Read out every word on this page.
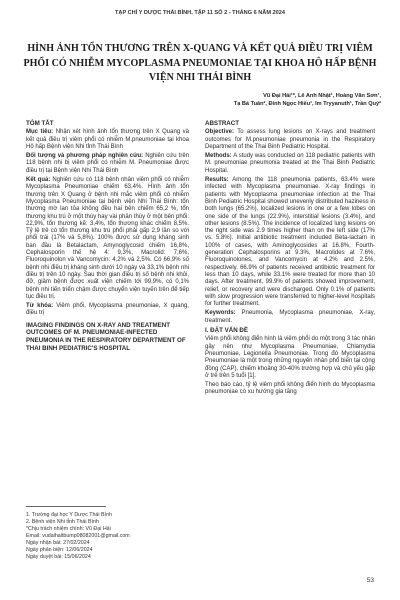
TẠP CHÍ Y DƯỢC THÁI BÌNH, TẬP 11 SỐ 2 - THÁNG 6 NĂM 2024
HÌNH ẢNH TỔN THƯƠNG TRÊN X-QUANG VÀ KẾT QUẢ ĐIỀU TRỊ VIÊM PHỔI CÓ NHIỄM MYCOPLASMA PNEUMONIAE TẠI KHOA HÔ HẤP BỆNH VIỆN NHI THÁI BÌNH
Vũ Đại Hải¹*, Lê Anh Nhật¹, Hoàng Văn Sơn¹,
Tạ Bá Tuân², Đinh Ngọc Hiếu¹, Im Tryyanuth¹, Trần Quý²
TÓM TẮT

Mục tiêu: Nhận xét hình ảnh tổn thương trên X Quang và kết quả điều trị viêm phổi có nhiễm M.pneumoniae tại khoa Hô hấp Bệnh viện Nhi tỉnh Thái Bình

Đối tượng và phương pháp nghiên cứu: Nghiên cứu trên 118 bệnh nhi bị viêm phổi có nhiễm M. Pneumoniae được điều trị tại Bệnh viện Nhi Thái Bình

Kết quả: Nghiên cứu có 118 bệnh nhân viêm phổi có nhiễm Mycoplasma Pneumoniae chiếm 63,4%. Hình ảnh tổn thương trên X Quang ở bệnh nhi mắc viêm phổi có nhiễm Mycoplasma Pneumoniae tại bệnh viện Nhi Thái Bình: tổn thương mờ lan tỏa không đều hai bên chiếm 65,2 %, tổn thương khu trú ở một thùy hay vài phân thùy ở một bên phổi: 22,9%, tổn thương kẽ: 3,4%, tổn thương khác chiếm 8,5%. Tỷ lệ trẻ có tổn thương khu trú phổi phải gấp 2,9 lần so với phổi trái (17% và 5,8%). 100% được sử dụng kháng sinh ban đầu là Betalactam, Amynoglycosid chiếm 16,8%, Cephalosporin thế hệ 4: 9,3%, Macrolid: 7,6%, Fluoroquinolon và Vancomycin: 4,2% và 2,5%. Có 66,9% số bệnh nhi điều trị kháng sinh dưới 10 ngày và 33,1% bệnh nhi điều trị trên 10 ngày. Sau thời gian điều trị số bệnh nhi khỏi, đỡ, giảm bệnh được xuất viện chiếm tới 99,9%, có 0,1% bệnh nhi tiến triển chậm được chuyển viện tuyến trên để tiếp tục điều trị.

Từ khóa: Viêm phổi, Mycoplasma pneumoniae, X quang, điều trị

IMAGING FINDINGS ON X-RAY AND TREATMENT OUTCOMES OF M. PNEUMONIAE-INFECTED PNEUMONIA IN THE RESPIRATORY DEPARTMENT OF THAI BINH PEDIATRIC'S HOSPITAL
1. Trường đại học Y Dược Thái Bình
2. Bệnh viện Nhi tỉnh Thái Bình
*Chịu trách nhiệm chính: Vũ Đại Hải
Email: vudaihaitbump08082001@gmail.com
Ngày nhận bài: 27/02/2024
Ngày phản biện: 12/06/2024
Ngày duyệt bài: 15/06/2024
ABSTRACT

Objective: To assess lung lesions on X-rays and treatment outcomes for M.pneumoniae pneumonia in the Respiratory Department of the Thai Binh Pediatric Hospital.

Methods: A study was conducted on 118 pediatric patients with M. pneumoniae pneumonia treated at the Thai Binh Pediatric Hospital.

Results: Among the 118 pneumonia patients, 63.4% were infected with Mycoplasma pneumoniae. X-ray findings in patients with Mycoplasma pneumoniae infection at the Thai Binh Pediatric Hospital showed unevenly distributed haziness in both lungs (65.2%), localized lesions in one or a few lobes on one side of the lungs (22.9%), interstitial lesions (3.4%), and other lesions (8.5%). The incidence of localized lung lesions on the right side was 2.9 times higher than on the left side (17% vs. 5.8%). Initial antibiotic treatment included Beta-lactam in 100% of cases, with Aminoglycosides at 16.8%, Fourth-generation Cephalosporins at 9.3%, Macrolides at 7.6%, Fluoroquinolones, and Vancomycin at 4.2% and 2.5%, respectively. 66.9% of patients received antibiotic treatment for less than 10 days, while 33.1% were treated for more than 10 days. After treatment, 99.9% of patients showed improvement, relief, or recovery and were discharged. Only 0.1% of patients with slow progression were transferred to higher-level hospitals for further treatment.

Keywords: Pneumonia, Mycoplasma pneumoniae, X-ray, treatment.

I. ĐẶT VẤN ĐỀ

Viêm phổi không điển hình là viêm phổi do một trong 3 tác nhân gây nên như Mycoplasma Pneumoniae, Chlamydia Pneumoniae, Legionella Pneumoniae. Trong đó Mycoplasma Pneumoniae là một trong những nguyên nhân phổ biến tại cộng đồng (CAP), chiếm khoảng 30-40% trường hợp và chủ yếu gặp ở trẻ trên 5 tuổi [1].

Theo báo cáo, tỷ lệ viêm phổi không điển hình do Mycoplasma pneumoniae có xu hướng gia tăng

53
